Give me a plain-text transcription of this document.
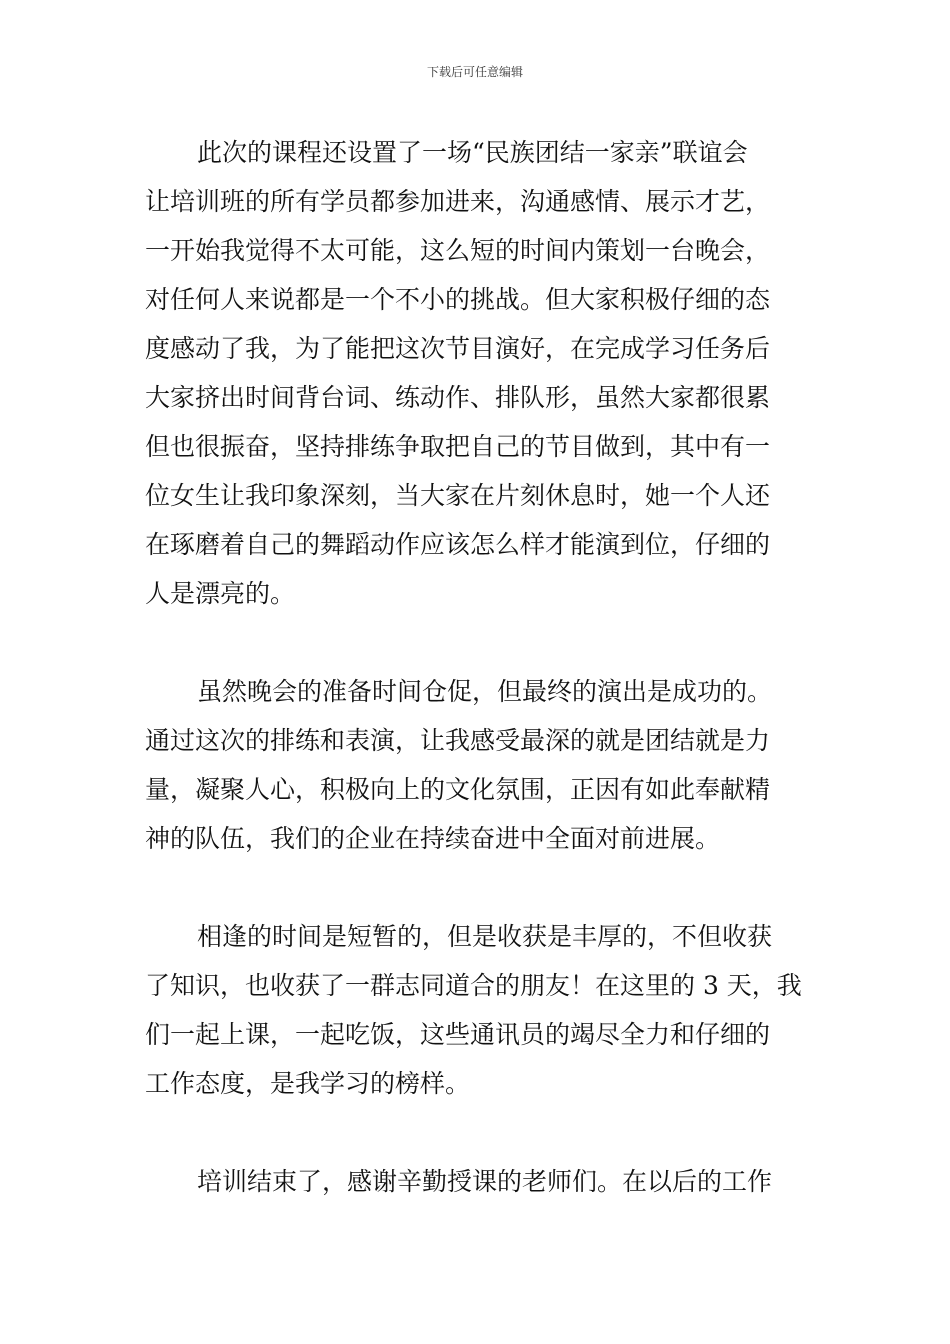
下载后可任意编辑
此次的课程还设置了一场“民族团结一家亲”联谊会
让培训班的所有学员都参加进来，沟通感情、展示才艺，
一开始我觉得不太可能，这么短的时间内策划一台晚会，
对任何人来说都是一个不小的挑战。但大家积极仔细的态
度感动了我，为了能把这次节目演好，在完成学习任务后
大家挤出时间背台词、练动作、排队形，虽然大家都很累
但也很振奋，坚持排练争取把自己的节目做到，其中有一
位女生让我印象深刻，当大家在片刻休息时，她一个人还
在琢磨着自己的舞蹈动作应该怎么样才能演到位，仔细的
人是漂亮的。
虽然晚会的准备时间仓促，但最终的演出是成功的。
通过这次的排练和表演，让我感受最深的就是团结就是力
量，凝聚人心，积极向上的文化氛围，正因有如此奉献精
神的队伍，我们的企业在持续奋进中全面对前进展。
相逢的时间是短暂的，但是收获是丰厚的，不但收获
了知识，也收获了一群志同道合的朋友！在这里的 3 天，我
们一起上课，一起吃饭，这些通讯员的竭尽全力和仔细的
工作态度，是我学习的榜样。
培训结束了，感谢辛勤授课的老师们。在以后的工作
